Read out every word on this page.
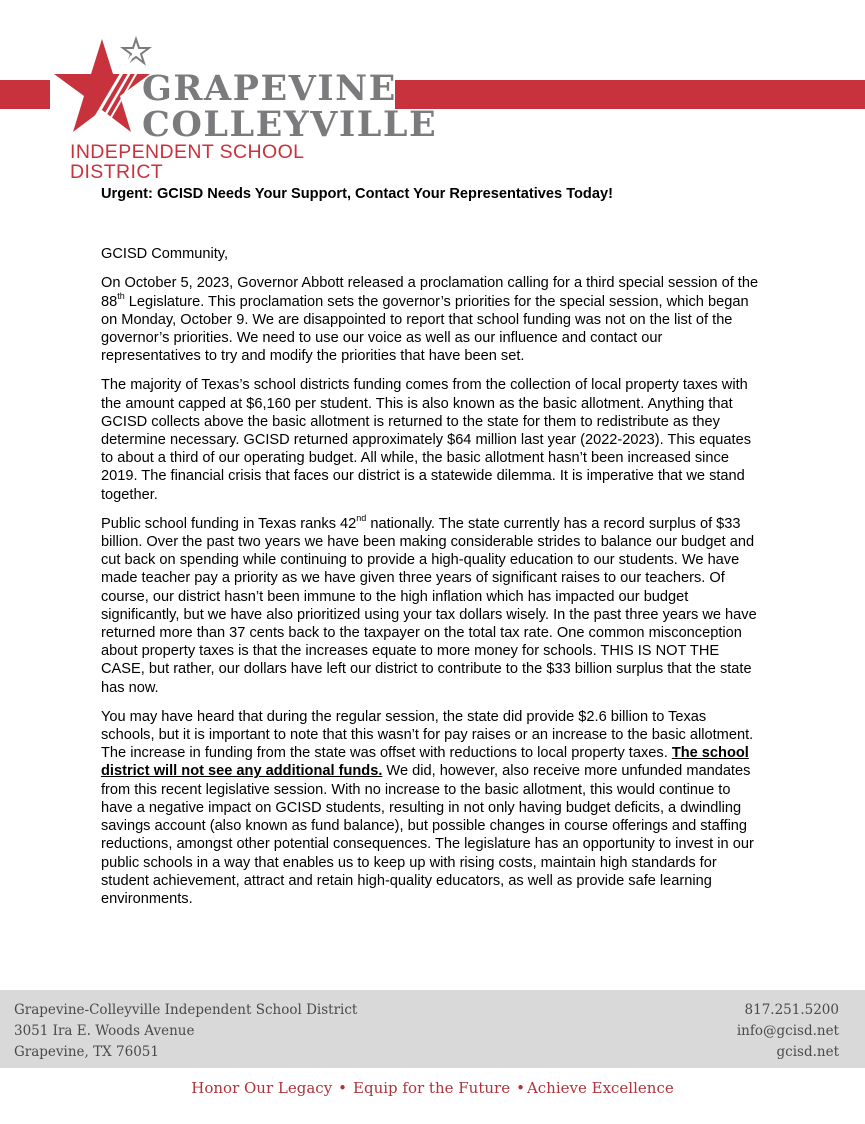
GRAPEVINE
COLLEYVILLE
INDEPENDENT SCHOOL DISTRICT

Urgent: GCISD Needs Your Support, Contact Your Representatives Today!

GCISD Community,

On October 5, 2023, Governor Abbott released a proclamation calling for a third special session of the 88th Legislature. This proclamation sets the governor’s priorities for the special session, which began on Monday, October 9. We are disappointed to report that school funding was not on the list of the governor’s priorities. We need to use our voice as well as our influence and contact our representatives to try and modify the priorities that have been set.

The majority of Texas’s school districts funding comes from the collection of local property taxes with the amount capped at $6,160 per student. This is also known as the basic allotment. Anything that GCISD collects above the basic allotment is returned to the state for them to redistribute as they determine necessary. GCISD returned approximately $64 million last year (2022-2023). This equates to about a third of our operating budget. All while, the basic allotment hasn’t been increased since 2019. The financial crisis that faces our district is a statewide dilemma. It is imperative that we stand together.

Public school funding in Texas ranks 42nd nationally. The state currently has a record surplus of $33 billion. Over the past two years we have been making considerable strides to balance our budget and cut back on spending while continuing to provide a high-quality education to our students. We have made teacher pay a priority as we have given three years of significant raises to our teachers. Of course, our district hasn’t been immune to the high inflation which has impacted our budget significantly, but we have also prioritized using your tax dollars wisely. In the past three years we have returned more than 37 cents back to the taxpayer on the total tax rate. One common misconception about property taxes is that the increases equate to more money for schools. THIS IS NOT THE CASE, but rather, our dollars have left our district to contribute to the $33 billion surplus that the state has now.

You may have heard that during the regular session, the state did provide $2.6 billion to Texas schools, but it is important to note that this wasn’t for pay raises or an increase to the basic allotment. The increase in funding from the state was offset with reductions to local property taxes. The school district will not see any additional funds. We did, however, also receive more unfunded mandates from this recent legislative session. With no increase to the basic allotment, this would continue to have a negative impact on GCISD students, resulting in not only having budget deficits, a dwindling savings account (also known as fund balance), but possible changes in course offerings and staffing reductions, amongst other potential consequences. The legislature has an opportunity to invest in our public schools in a way that enables us to keep up with rising costs, maintain high standards for student achievement, attract and retain high-quality educators, as well as provide safe learning environments.

Grapevine-Colleyville Independent School District
3051 Ira E. Woods Avenue
Grapevine, TX 76051
817.251.5200
info@gcisd.net
gcisd.net
Honor Our Legacy • Equip for the Future • Achieve Excellence
